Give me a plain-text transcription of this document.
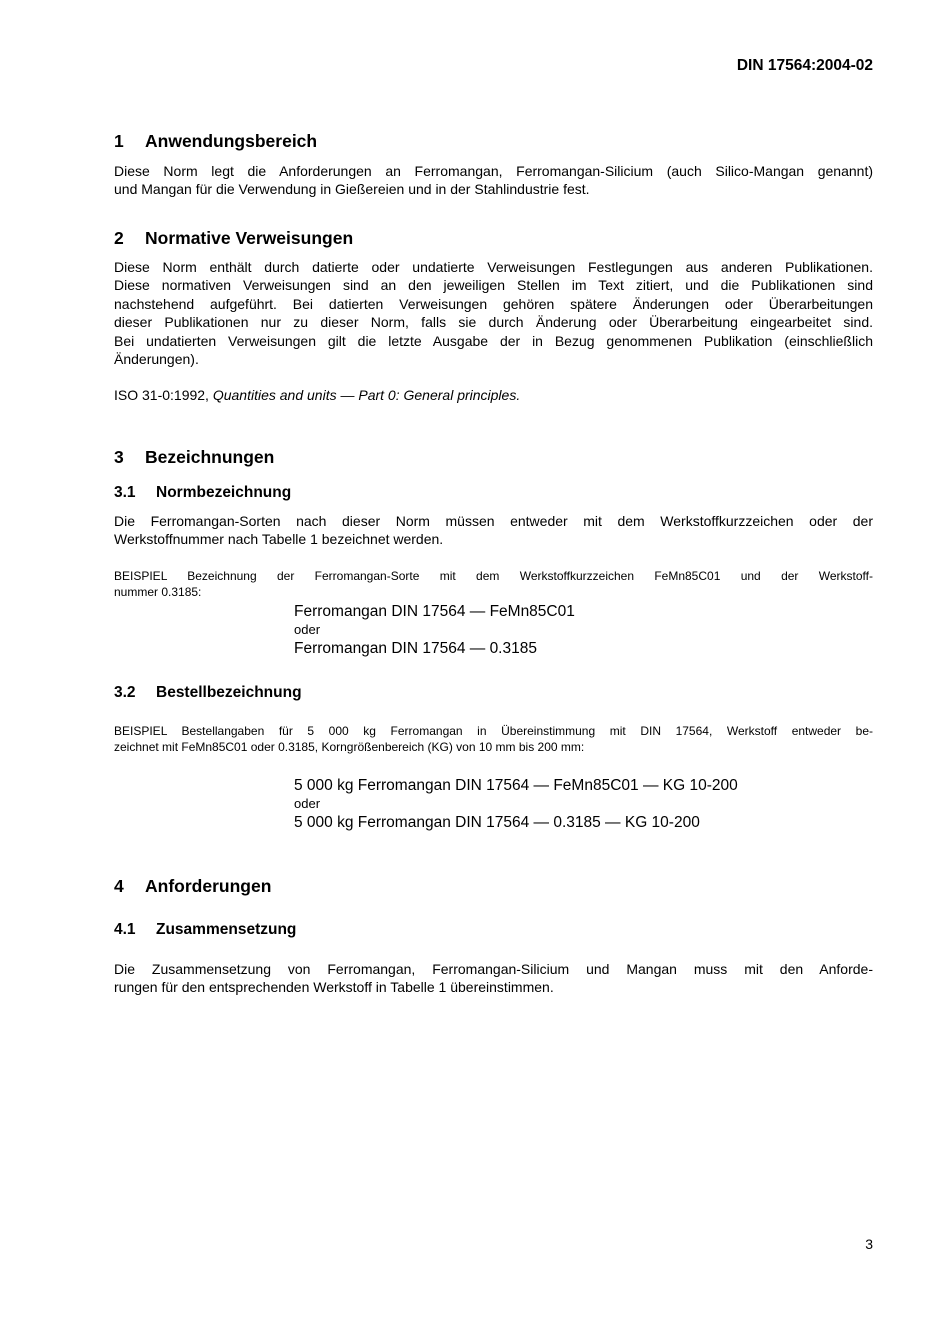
DIN 17564:2004-02
1 Anwendungsbereich
Diese Norm legt die Anforderungen an Ferromangan, Ferromangan-Silicium (auch Silico-Mangan genannt)
und Mangan für die Verwendung in Gießereien und in der Stahlindustrie fest.
2 Normative Verweisungen
Diese Norm enthält durch datierte oder undatierte Verweisungen Festlegungen aus anderen Publikationen.
Diese normativen Verweisungen sind an den jeweiligen Stellen im Text zitiert, und die Publikationen sind
nachstehend aufgeführt. Bei datierten Verweisungen gehören spätere Änderungen oder Überarbeitungen
dieser Publikationen nur zu dieser Norm, falls sie durch Änderung oder Überarbeitung eingearbeitet sind.
Bei undatierten Verweisungen gilt die letzte Ausgabe der in Bezug genommenen Publikation (einschließlich
Änderungen).
ISO 31-0:1992, Quantities and units — Part 0: General principles.
3 Bezeichnungen
3.1 Normbezeichnung
Die Ferromangan-Sorten nach dieser Norm müssen entweder mit dem Werkstoffkurzzeichen oder der
Werkstoffnummer nach Tabelle 1 bezeichnet werden.
BEISPIEL Bezeichnung der Ferromangan-Sorte mit dem Werkstoffkurzzeichen FeMn85C01 und der Werkstoff-
nummer 0.3185:
Ferromangan DIN 17564 — FeMn85C01
oder
Ferromangan DIN 17564 — 0.3185
3.2 Bestellbezeichnung
BEISPIEL Bestellangaben für 5 000 kg Ferromangan in Übereinstimmung mit DIN 17564, Werkstoff entweder be-
zeichnet mit FeMn85C01 oder 0.3185, Korngrößenbereich (KG) von 10 mm bis 200 mm:
5 000 kg Ferromangan DIN 17564 — FeMn85C01 — KG 10-200
oder
5 000 kg Ferromangan DIN 17564 — 0.3185 — KG 10-200
4 Anforderungen
4.1 Zusammensetzung
Die Zusammensetzung von Ferromangan, Ferromangan-Silicium und Mangan muss mit den Anforde-
rungen für den entsprechenden Werkstoff in Tabelle 1 übereinstimmen.
3
